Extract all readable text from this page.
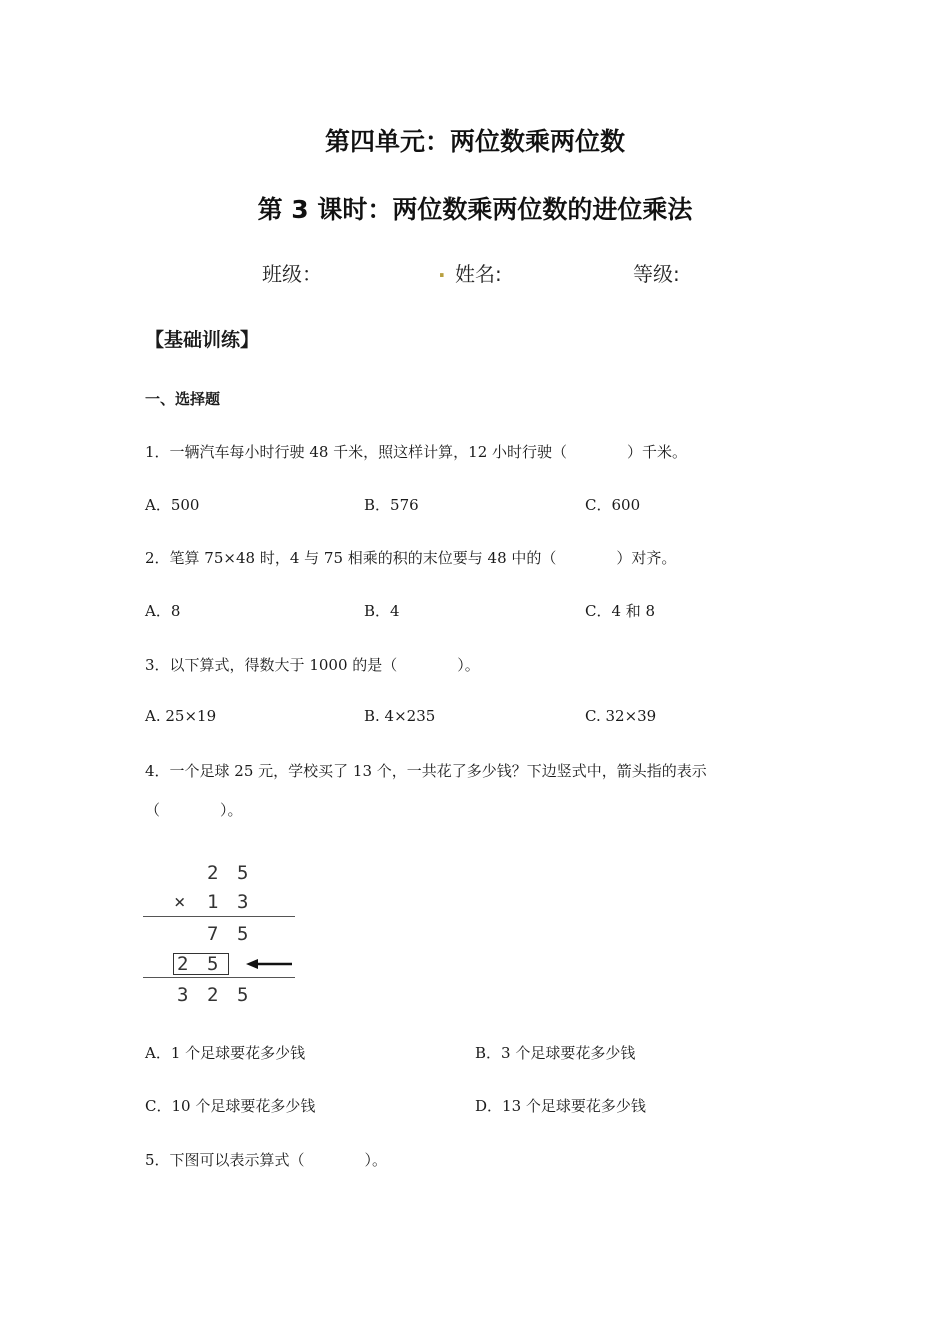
第四单元：两位数乘两位数
第 3 课时：两位数乘两位数的进位乘法
班级：	. 姓名:	等级:
【基础训练】
一、选择题
1．一辆汽车每小时行驶 48 千米，照这样计算，12 小时行驶（　　　　）千米。
A．500	B．576	C．600
2．笔算 75×48 时，4 与 75 相乘的积的末位要与 48 中的（　　　　）对齐。
A．8	B．4	C．4 和 8
3．以下算式，得数大于 1000 的是（　　　　）。
A. 25×19	B. 4×235	C. 32×39
4．一个足球 25 元，学校买了 13 个，一共花了多少钱？下边竖式中，箭头指的表示
（　　　　）。
2 5
× 1 3
7 5
2 5
3 2 5
A．1 个足球要花多少钱	B．3 个足球要花多少钱
C．10 个足球要花多少钱	D．13 个足球要花多少钱
5．下图可以表示算式（　　　　）。
